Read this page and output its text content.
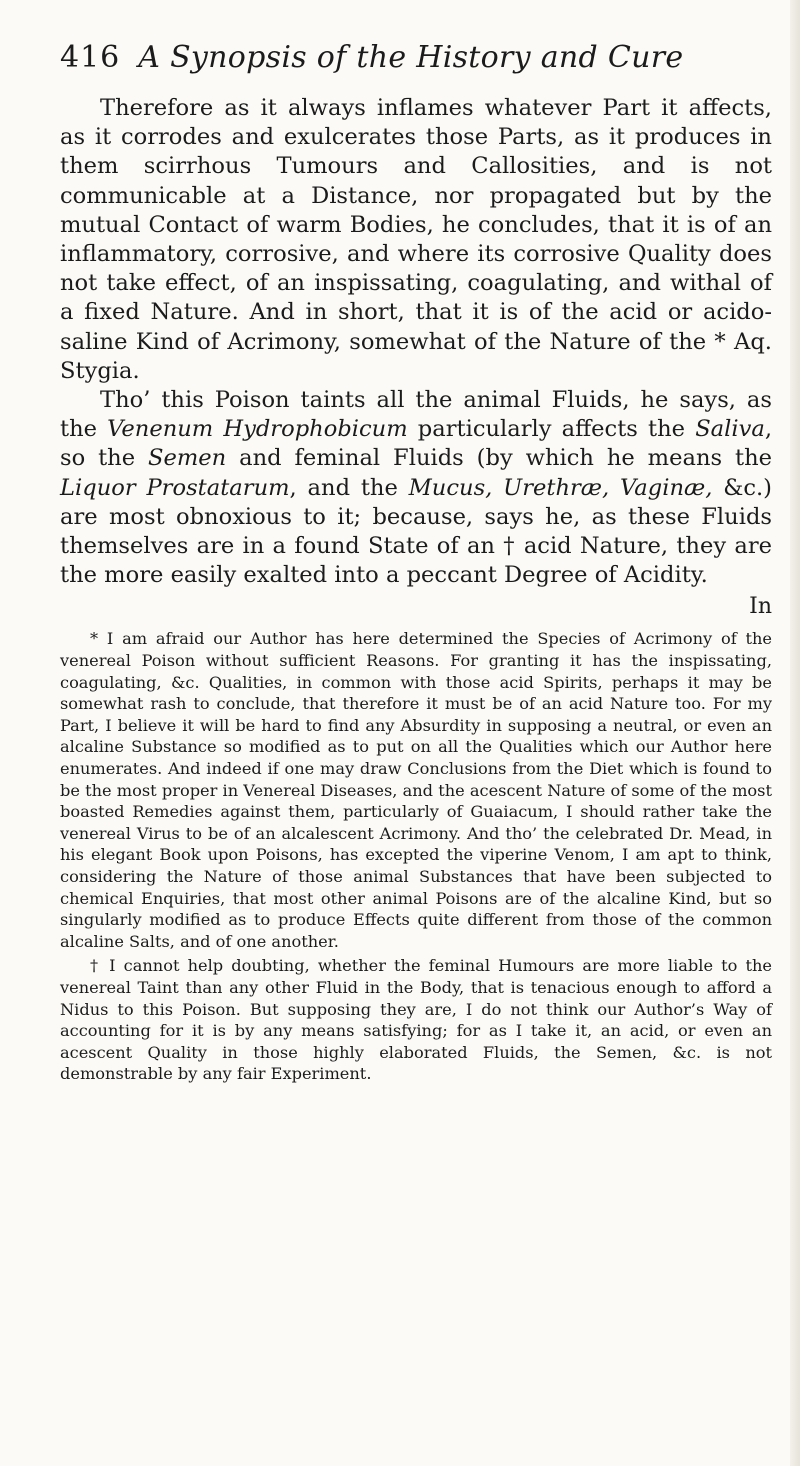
416 A Synopsis of the History and Cure

Therefore as it always inflames whatever Part it affects, as it corrodes and exulcerates those Parts, as it produces in them scirrhous Tumours and Callosities, and is not communicable at a Distance, nor propagated but by the mutual Contact of warm Bodies, he concludes, that it is of an inflammatory, corrosive, and where its corrosive Quality does not take effect, of an inspissating, coagulating, and withal of a fixed Nature. And in short, that it is of the acid or acido-saline Kind of Acrimony, somewhat of the Nature of the * Aq. Stygia.

Tho’ this Poison taints all the animal Fluids, he says, as the Venenum Hydrophobicum particularly affects the Saliva, so the Semen and feminal Fluids (by which he means the Liquor Prostatarum, and the Mucus, Urethræ, Vaginæ, &c.) are most obnoxious to it; because, says he, as these Fluids themselves are in a found State of an † acid Nature, they are the more easily exalted into a peccant Degree of Acidity.

In

* I am afraid our Author has here determined the Species of Acrimony of the venereal Poison without sufficient Reasons. For granting it has the inspissating, coagulating, &c. Qualities, in common with those acid Spirits, perhaps it may be somewhat rash to conclude, that therefore it must be of an acid Nature too. For my Part, I believe it will be hard to find any Absurdity in supposing a neutral, or even an alcaline Substance so modified as to put on all the Qualities which our Author here enumerates. And indeed if one may draw Conclusions from the Diet which is found to be the most proper in Venereal Diseases, and the acescent Nature of some of the most boasted Remedies against them, particularly of Guaiacum, I should rather take the venereal Virus to be of an alcalescent Acrimony. And tho’ the celebrated Dr. Mead, in his elegant Book upon Poisons, has excepted the viperine Venom, I am apt to think, considering the Nature of those animal Substances that have been subjected to chemical Enquiries, that most other animal Poisons are of the alcaline Kind, but so singularly modified as to produce Effects quite different from those of the common alcaline Salts, and of one another.

† I cannot help doubting, whether the feminal Humours are more liable to the venereal Taint than any other Fluid in the Body, that is tenacious enough to afford a Nidus to this Poison. But supposing they are, I do not think our Author’s Way of accounting for it is by any means satisfying; for as I take it, an acid, or even an acescent Quality in those highly elaborated Fluids, the Semen, &c. is not demonstrable by any fair Experiment.
